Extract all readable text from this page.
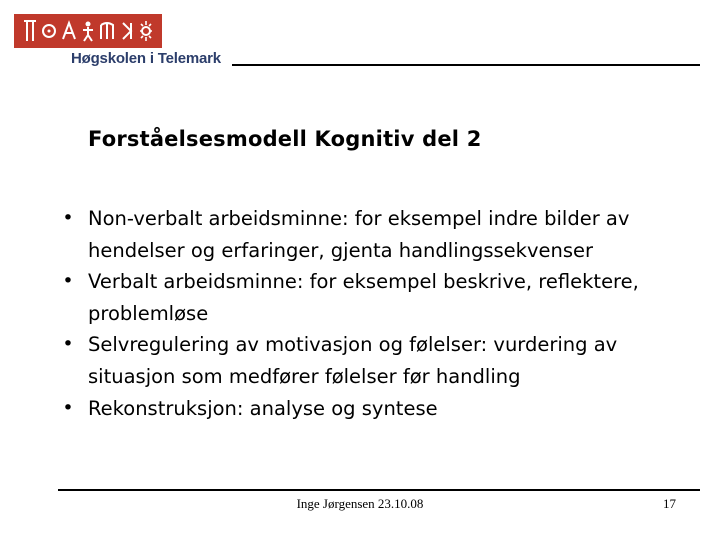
Høgskolen i Telemark
Forståelsesmodell Kognitiv del 2
• Non-verbalt arbeidsminne: for eksempel indre bilder av hendelser og erfaringer, gjenta handlingssekvenser
• Verbalt arbeidsminne: for eksempel beskrive, reflektere, problemløse
• Selvregulering av motivasjon og følelser: vurdering av situasjon som medfører følelser før handling
• Rekonstruksjon: analyse og syntese
Inge Jørgensen 23.10.08	17
